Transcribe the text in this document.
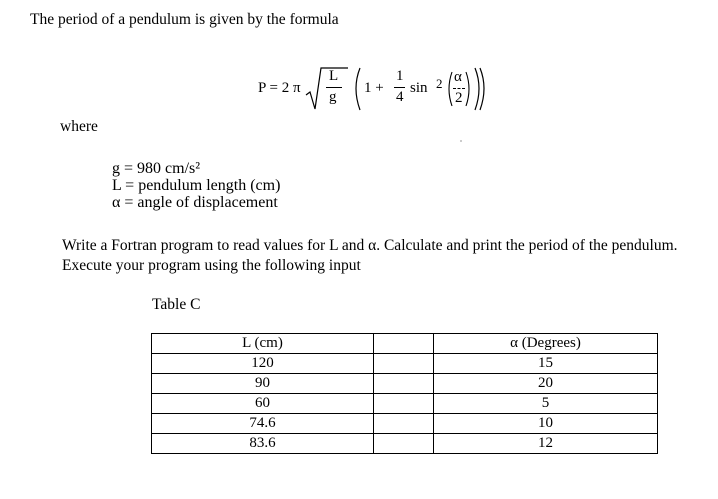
The period of a pendulum is given by the formula
P = 2 π
L
g
1 +
1
4
sin 2 α
2
where
g = 980 cm/s²
L = pendulum length (cm)
α = angle of displacement
Write a Fortran program to read values for L and α. Calculate and print the period of the pendulum. Execute your program using the following input
Table C
L (cm)		α (Degrees)
120		15
90		20
60		5
74.6		10
83.6		12
